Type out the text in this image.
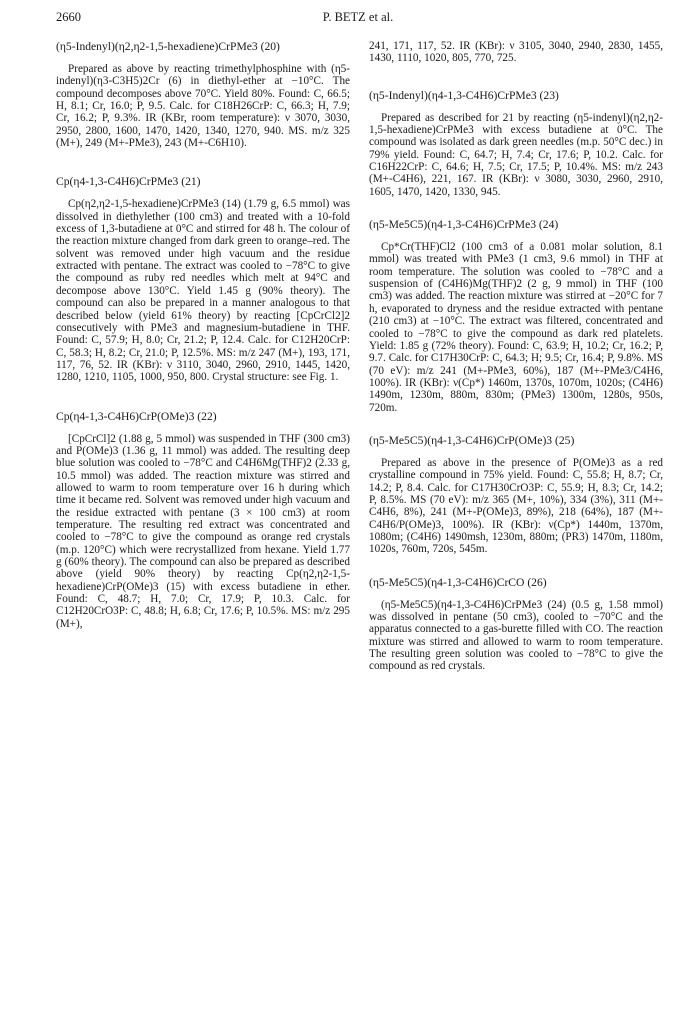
2660	P. BETZ et al.
(η5-Indenyl)(η2,η2-1,5-hexadiene)CrPMe3 (20)

Prepared as above by reacting trimethylphosphine with (η5-indenyl)(η3-C3H5)2Cr (6) in diethyl-ether at −10°C. The compound decomposes above 70°C. Yield 80%. Found: C, 66.5; H, 8.1; Cr, 16.0; P, 9.5. Calc. for C18H26CrP: C, 66.3; H, 7.9; Cr, 16.2; P, 9.3%. IR (KBr, room temperature): ν 3070, 3030, 2950, 2800, 1600, 1470, 1420, 1340, 1270, 940. MS. m/z 325 (M+), 249 (M+-PMe3), 243 (M+-C6H10).

Cp(η4-1,3-C4H6)CrPMe3 (21)

Cp(η2,η2-1,5-hexadiene)CrPMe3 (14) (1.79 g, 6.5 mmol) was dissolved in diethylether (100 cm3) and treated with a 10-fold excess of 1,3-butadiene at 0°C and stirred for 48 h. The colour of the reaction mixture changed from dark green to orange–red. The solvent was removed under high vacuum and the residue extracted with pentane. The extract was cooled to −78°C to give the compound as ruby red needles which melt at 94°C and decompose above 130°C. Yield 1.45 g (90% theory). The compound can also be prepared in a manner analogous to that described below (yield 61% theory) by reacting [CpCrCl2]2 consecutively with PMe3 and magnesium-butadiene in THF. Found: C, 57.9; H, 8.0; Cr, 21.2; P, 12.4. Calc. for C12H20CrP: C, 58.3; H, 8.2; Cr, 21.0; P, 12.5%. MS: m/z 247 (M+), 193, 171, 117, 76, 52. IR (KBr): ν 3110, 3040, 2960, 2910, 1445, 1420, 1280, 1210, 1105, 1000, 950, 800. Crystal structure: see Fig. 1.

Cp(η4-1,3-C4H6)CrP(OMe)3 (22)

[CpCrCl]2 (1.88 g, 5 mmol) was suspended in THF (300 cm3) and P(OMe)3 (1.36 g, 11 mmol) was added. The resulting deep blue solution was cooled to −78°C and C4H6Mg(THF)2 (2.33 g, 10.5 mmol) was added. The reaction mixture was stirred and allowed to warm to room temperature over 16 h during which time it became red. Solvent was removed under high vacuum and the residue extracted with pentane (3 × 100 cm3) at room temperature. The resulting red extract was concentrated and cooled to −78°C to give the compound as orange red crystals (m.p. 120°C) which were recrystallized from hexane. Yield 1.77 g (60% theory). The compound can also be prepared as described above (yield 90% theory) by reacting Cp(η2,η2-1,5-hexadiene)CrP(OMe)3 (15) with excess butadiene in ether. Found: C, 48.7; H, 7.0; Cr, 17.9; P, 10.3. Calc. for C12H20CrO3P: C, 48.8; H, 6.8; Cr, 17.6; P, 10.5%. MS: m/z 295 (M+),

241, 171, 117, 52. IR (KBr): ν 3105, 3040, 2940, 2830, 1455, 1430, 1110, 1020, 805, 770, 725.

(η5-Indenyl)(η4-1,3-C4H6)CrPMe3 (23)

Prepared as described for 21 by reacting (η5-indenyl)(η2,η2-1,5-hexadiene)CrPMe3 with excess butadiene at 0°C. The compound was isolated as dark green needles (m.p. 50°C dec.) in 79% yield. Found: C, 64.7; H, 7.4; Cr, 17.6; P, 10.2. Calc. for C16H22CrP: C, 64.6; H, 7.5; Cr, 17.5; P, 10.4%. MS: m/z 243 (M+-C4H6), 221, 167. IR (KBr): ν 3080, 3030, 2960, 2910, 1605, 1470, 1420, 1330, 945.

(η5-Me5C5)(η4-1,3-C4H6)CrPMe3 (24)

Cp*Cr(THF)Cl2 (100 cm3 of a 0.081 molar solution, 8.1 mmol) was treated with PMe3 (1 cm3, 9.6 mmol) in THF at room temperature. The solution was cooled to −78°C and a suspension of (C4H6)Mg(THF)2 (2 g, 9 mmol) in THF (100 cm3) was added. The reaction mixture was stirred at −20°C for 7 h, evaporated to dryness and the residue extracted with pentane (210 cm3) at −10°C. The extract was filtered, concentrated and cooled to −78°C to give the compound as dark red platelets. Yield: 1.85 g (72% theory). Found: C, 63.9; H, 10.2; Cr, 16.2; P, 9.7. Calc. for C17H30CrP: C, 64.3; H; 9.5; Cr, 16.4; P, 9.8%. MS (70 eV): m/z 241 (M+-PMe3, 60%), 187 (M+-PMe3/C4H6, 100%). IR (KBr): ν(Cp*) 1460m, 1370s, 1070m, 1020s; (C4H6) 1490m, 1230m, 880m, 830m; (PMe3) 1300m, 1280s, 950s, 720m.

(η5-Me5C5)(η4-1,3-C4H6)CrP(OMe)3 (25)

Prepared as above in the presence of P(OMe)3 as a red crystalline compound in 75% yield. Found: C, 55.8; H, 8.7; Cr, 14.2; P, 8.4. Calc. for C17H30CrO3P: C, 55.9; H, 8.3; Cr, 14.2; P, 8.5%. MS (70 eV): m/z 365 (M+, 10%), 334 (3%), 311 (M+-C4H6, 8%), 241 (M+-P(OMe)3, 89%), 218 (64%), 187 (M+-C4H6/P(OMe)3, 100%). IR (KBr): ν(Cp*) 1440m, 1370m, 1080m; (C4H6) 1490msh, 1230m, 880m; (PR3) 1470m, 1180m, 1020s, 760m, 720s, 545m.

(η5-Me5C5)(η4-1,3-C4H6)CrCO (26)

(η5-Me5C5)(η4-1,3-C4H6)CrPMe3 (24) (0.5 g, 1.58 mmol) was dissolved in pentane (50 cm3), cooled to −70°C and the apparatus connected to a gas-burette filled with CO. The reaction mixture was stirred and allowed to warm to room temperature. The resulting green solution was cooled to −78°C to give the compound as red crystals.
